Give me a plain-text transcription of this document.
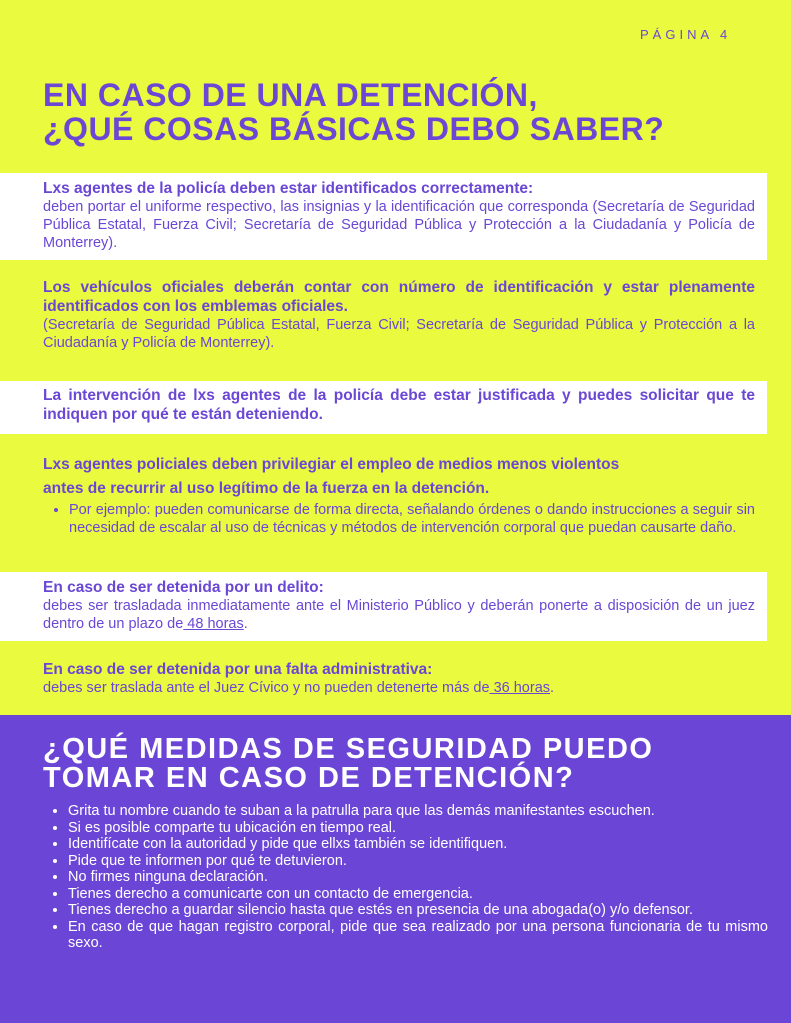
PÁGINA 4
EN CASO DE UNA DETENCIÓN,
¿QUÉ COSAS BÁSICAS DEBO SABER?
Lxs agentes de la policía deben estar identificados correctamente:
deben portar el uniforme respectivo, las insignias y la identificación que corresponda (Secretaría de Seguridad Pública Estatal, Fuerza Civil; Secretaría de Seguridad Pública y Protección a la Ciudadanía y Policía de Monterrey).
Los vehículos oficiales deberán contar con número de identificación y estar plenamente identificados con los emblemas oficiales.
(Secretaría de Seguridad Pública Estatal, Fuerza Civil; Secretaría de Seguridad Pública y Protección a la Ciudadanía y Policía de Monterrey).
La intervención de lxs agentes de la policía debe estar justificada y puedes solicitar que te indiquen por qué te están deteniendo.
Lxs agentes policiales deben privilegiar el empleo de medios menos violentos
antes de recurrir al uso legítimo de la fuerza en la detención.
• Por ejemplo: pueden comunicarse de forma directa, señalando órdenes o dando instrucciones a seguir sin necesidad de escalar al uso de técnicas y métodos de intervención corporal que puedan causarte daño.
En caso de ser detenida por un delito:
debes ser trasladada inmediatamente ante el Ministerio Público y deberán ponerte a disposición de un juez dentro de un plazo de 48 horas.
En caso de ser detenida por una falta administrativa:
debes ser traslada ante el Juez Cívico y no pueden detenerte más de 36 horas.
¿QUÉ MEDIDAS DE SEGURIDAD PUEDO
TOMAR EN CASO DE DETENCIÓN?
• Grita tu nombre cuando te suban a la patrulla para que las demás manifestantes escuchen.
• Si es posible comparte tu ubicación en tiempo real.
• Identifícate con la autoridad y pide que ellxs también se identifiquen.
• Pide que te informen por qué te detuvieron.
• No firmes ninguna declaración.
• Tienes derecho a comunicarte con un contacto de emergencia.
• Tienes derecho a guardar silencio hasta que estés en presencia de una abogada(o) y/o defensor.
• En caso de que hagan registro corporal, pide que sea realizado por una persona funcionaria de tu mismo sexo.
